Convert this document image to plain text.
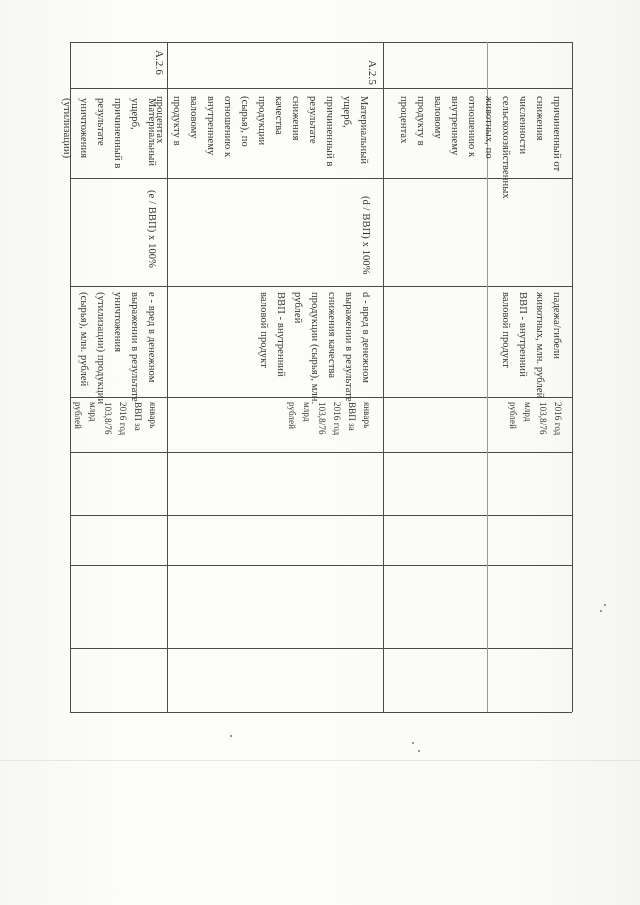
A.2.6
Материальный
ущерб,
причиненный в
результате
уничтожения
(утилизации)
(e / ВВП) x 100%
e - вред в денежном
выражении в результате
уничтожения
(утилизации) продукции
(сырья), млн. рублей
январь
ВВП за
2016 год
103,8/76
млрд
рублей
A.2.5
Материальный
ущерб,
причиненный в
результате
снижения
качества
продукции
(сырья), по
отношению к
внутреннему
валовому
продукту в
процентах
(d / ВВП) x 100%
d - вред в денежном
выражении в результате
снижения качества
продукции (сырья), млн.
рублей
ВВП - внутренний
валовой продукт
январь
ВВП за
2016 год
103,8/76
млрд
рублей
причиненный от
снижения
численности
сельскохозяйственных
животных, по
отношению к
внутреннему
валовому
продукту в
процентах
падежа/гибели
животных, млн. рублей
ВВП - внутренний
валовой продукт
2016 год
103,8/76
млрд
рублей
